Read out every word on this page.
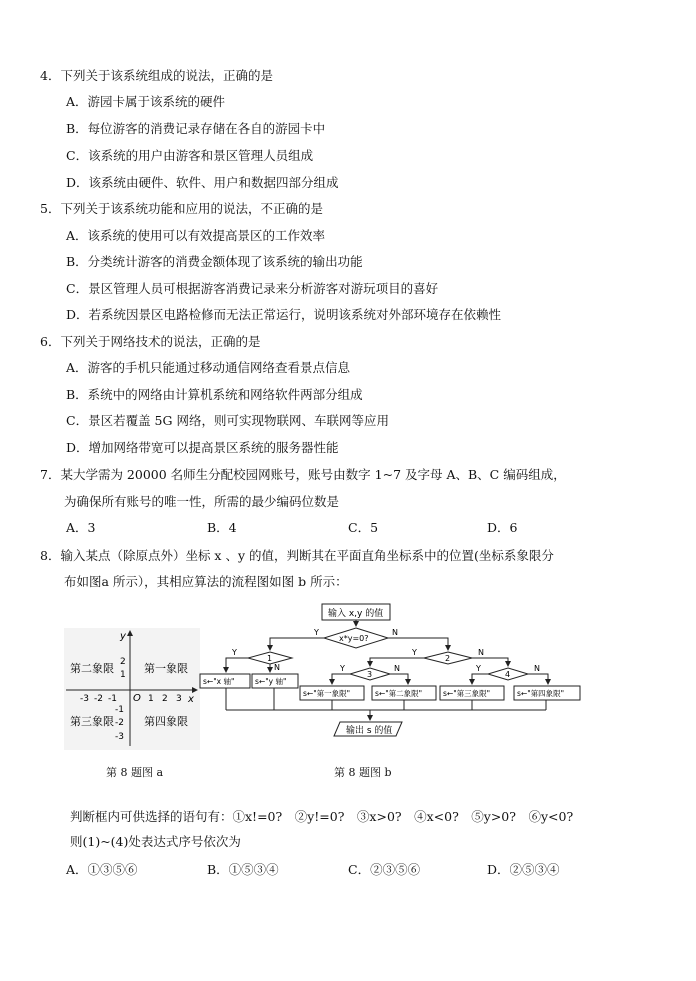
4．下列关于该系统组成的说法，正确的是
A．游园卡属于该系统的硬件
B．每位游客的消费记录存储在各自的游园卡中
C．该系统的用户由游客和景区管理人员组成
D．该系统由硬件、软件、用户和数据四部分组成
5．下列关于该系统功能和应用的说法，不正确的是
A．该系统的使用可以有效提高景区的工作效率
B．分类统计游客的消费金额体现了该系统的输出功能
C．景区管理人员可根据游客消费记录来分析游客对游玩项目的喜好
D．若系统因景区电路检修而无法正常运行，说明该系统对外部环境存在依赖性
6．下列关于网络技术的说法，正确的是
A．游客的手机只能通过移动通信网络查看景点信息
B．系统中的网络由计算机系统和网络软件两部分组成
C．景区若覆盖 5G 网络，则可实现物联网、车联网等应用
D．增加网络带宽可以提高景区系统的服务器性能
7．某大学需为 20000 名师生分配校园网账号，账号由数字 1~7 及字母 A、B、C 编码组成，
为确保所有账号的唯一性，所需的最少编码位数是
A．3	B．4	C．5	D．6
8．输入某点（除原点外）坐标 x 、y 的值，判断其在平面直角坐标系中的位置(坐标系象限分
布如图a 所示），其相应算法的流程图如图 b 所示：
y
x
O
2
1
-1
-2
-3
-3 -2 -1	1 2 3
第二象限	第一象限
第三象限	第四象限
第 8 题图 a
输入 x,y 的值
x*y=0?
Y	N
1
Y
N
2
Y	N
3
Y	N
4
Y	N
s←"x 轴"	s←"y 轴"
s←"第一象限"	s←"第二象限"	s←"第三象限"	s←"第四象限"
输出 s 的值
第 8 题图 b
判断框内可供选择的语句有：①x!=0?　②y!=0?　③x>0?　④x<0?　⑤y>0?　⑥y<0?
则(1)~(4)处表达式序号依次为
A．①③⑤⑥	B．①⑤③④	C．②③⑤⑥	D．②⑤③④
